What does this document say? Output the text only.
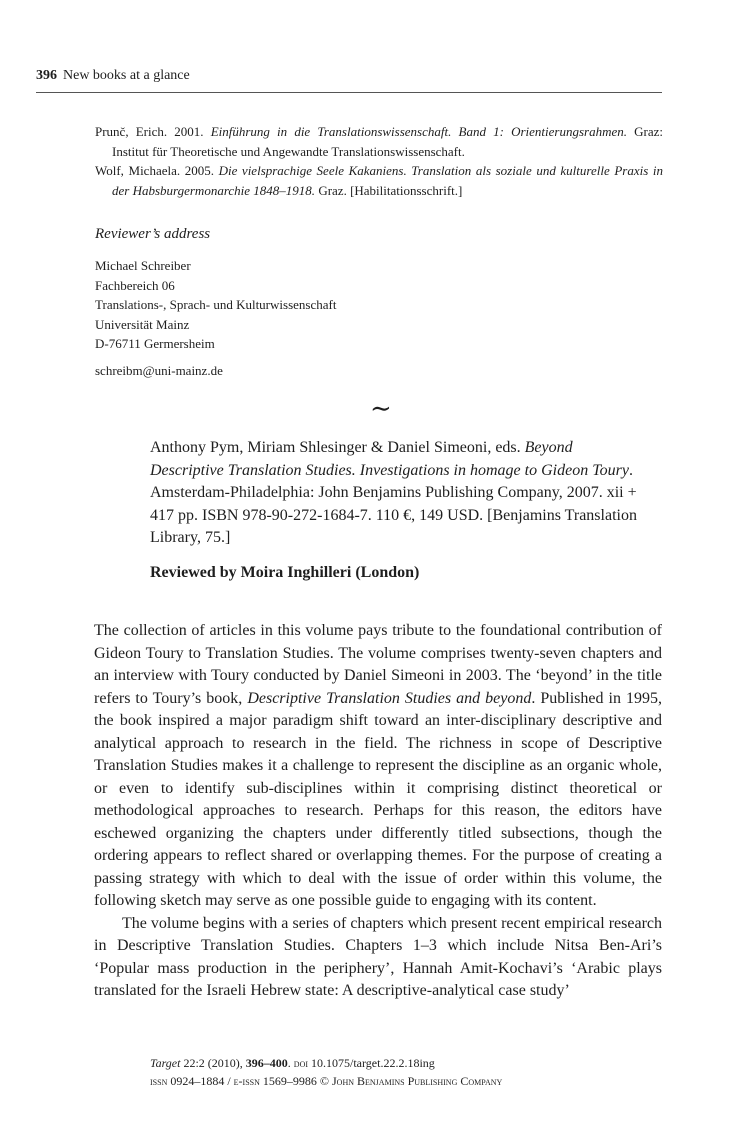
396 New books at a glance
Prunč, Erich. 2001. Einführung in die Translationswissenschaft. Band 1: Orientierungsrahmen. Graz: Institut für Theoretische und Angewandte Translationswissenschaft.
Wolf, Michaela. 2005. Die vielsprachige Seele Kakaniens. Translation als soziale und kulturelle Praxis in der Habsburgermonarchie 1848–1918. Graz. [Habilitationsschrift.]
Reviewer’s address
Michael Schreiber
Fachbereich 06
Translations-, Sprach- und Kulturwissenschaft
Universität Mainz
D-76711 Germersheim
schreibm@uni-mainz.de
∼
Anthony Pym, Miriam Shlesinger & Daniel Simeoni, eds. Beyond Descriptive Translation Studies. Investigations in homage to Gideon Toury. Amsterdam-Philadelphia: John Benjamins Publishing Company, 2007. xii + 417 pp. ISBN 978-90-272-1684-7. 110 €, 149 USD. [Benjamins Translation Library, 75.]
Reviewed by Moira Inghilleri (London)

The collection of articles in this volume pays tribute to the foundational contribution of Gideon Toury to Translation Studies. The volume comprises twenty-seven chapters and an interview with Toury conducted by Daniel Simeoni in 2003. The ‘beyond’ in the title refers to Toury’s book, Descriptive Translation Studies and beyond. Published in 1995, the book inspired a major paradigm shift toward an inter-disciplinary descriptive and analytical approach to research in the field. The richness in scope of Descriptive Translation Studies makes it a challenge to represent the discipline as an organic whole, or even to identify sub-disciplines within it comprising distinct theoretical or methodological approaches to research. Perhaps for this reason, the editors have eschewed organizing the chapters under differently titled subsections, though the ordering appears to reflect shared or overlapping themes. For the purpose of creating a passing strategy with which to deal with the issue of order within this volume, the following sketch may serve as one possible guide to engaging with its content.

The volume begins with a series of chapters which present recent empirical research in Descriptive Translation Studies. Chapters 1–3 which include Nitsa Ben-Ari’s ‘Popular mass production in the periphery’, Hannah Amit-Kochavi’s ‘Arabic plays translated for the Israeli Hebrew state: A descriptive-analytical case study’

Target 22:2 (2010), 396–400. doi 10.1075/target.22.2.18ing
issn 0924–1884 / e-issn 1569–9986 © John Benjamins Publishing Company
